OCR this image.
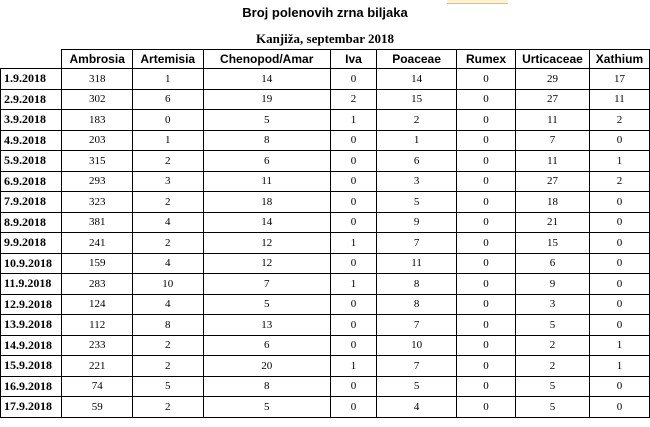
Broj polenovih zrna biljaka
Kanjiža, septembar 2018
	Ambrosia	Artemisia	Chenopod/Amar	Iva	Poaceae	Rumex	Urticaceae	Xathium
1.9.2018	318	1	14	0	14	0	29	17
2.9.2018	302	6	19	2	15	0	27	11
3.9.2018	183	0	5	1	2	0	11	2
4.9.2018	203	1	8	0	1	0	7	0
5.9.2018	315	2	6	0	6	0	11	1
6.9.2018	293	3	11	0	3	0	27	2
7.9.2018	323	2	18	0	5	0	18	0
8.9.2018	381	4	14	0	9	0	21	0
9.9.2018	241	2	12	1	7	0	15	0
10.9.2018	159	4	12	0	11	0	6	0
11.9.2018	283	10	7	1	8	0	9	0
12.9.2018	124	4	5	0	8	0	3	0
13.9.2018	112	8	13	0	7	0	5	0
14.9.2018	233	2	6	0	10	0	2	1
15.9.2018	221	2	20	1	7	0	2	1
16.9.2018	74	5	8	0	5	0	5	0
17.9.2018	59	2	5	0	4	0	5	0
